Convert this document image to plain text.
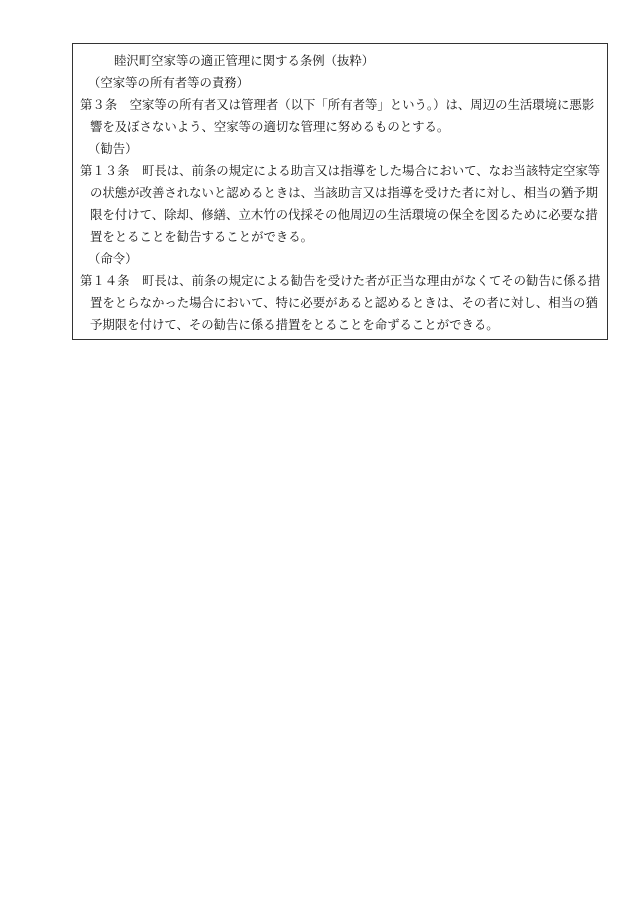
睦沢町空家等の適正管理に関する条例（抜粋）
（空家等の所有者等の責務）
第３条　 空家等の所有者又は管理者（以下「所有者等」という。）は、周辺の生活環境に悪影
響を及ぼさないよう、空家等の適切な管理に努めるものとする。
（勧告）
第１３条　 町長は、前条の規定による助言又は指導をした場合において、なお当該特定空家等
の状態が改善されないと認めるときは、当該助言又は指導を受けた者に対し、相当の猶予期
限を付けて、除却、修繕、立木竹の伐採その他周辺の生活環境の保全を図るために必要な措
置をとることを勧告することができる。
（命令）
第１４条　 町長は、前条の規定による勧告を受けた者が正当な理由がなくてその勧告に係る措
置をとらなかった場合において、特に必要があると認めるときは、その者に対し、相当の猶
予期限を付けて、その勧告に係る措置をとることを命ずることができる。
